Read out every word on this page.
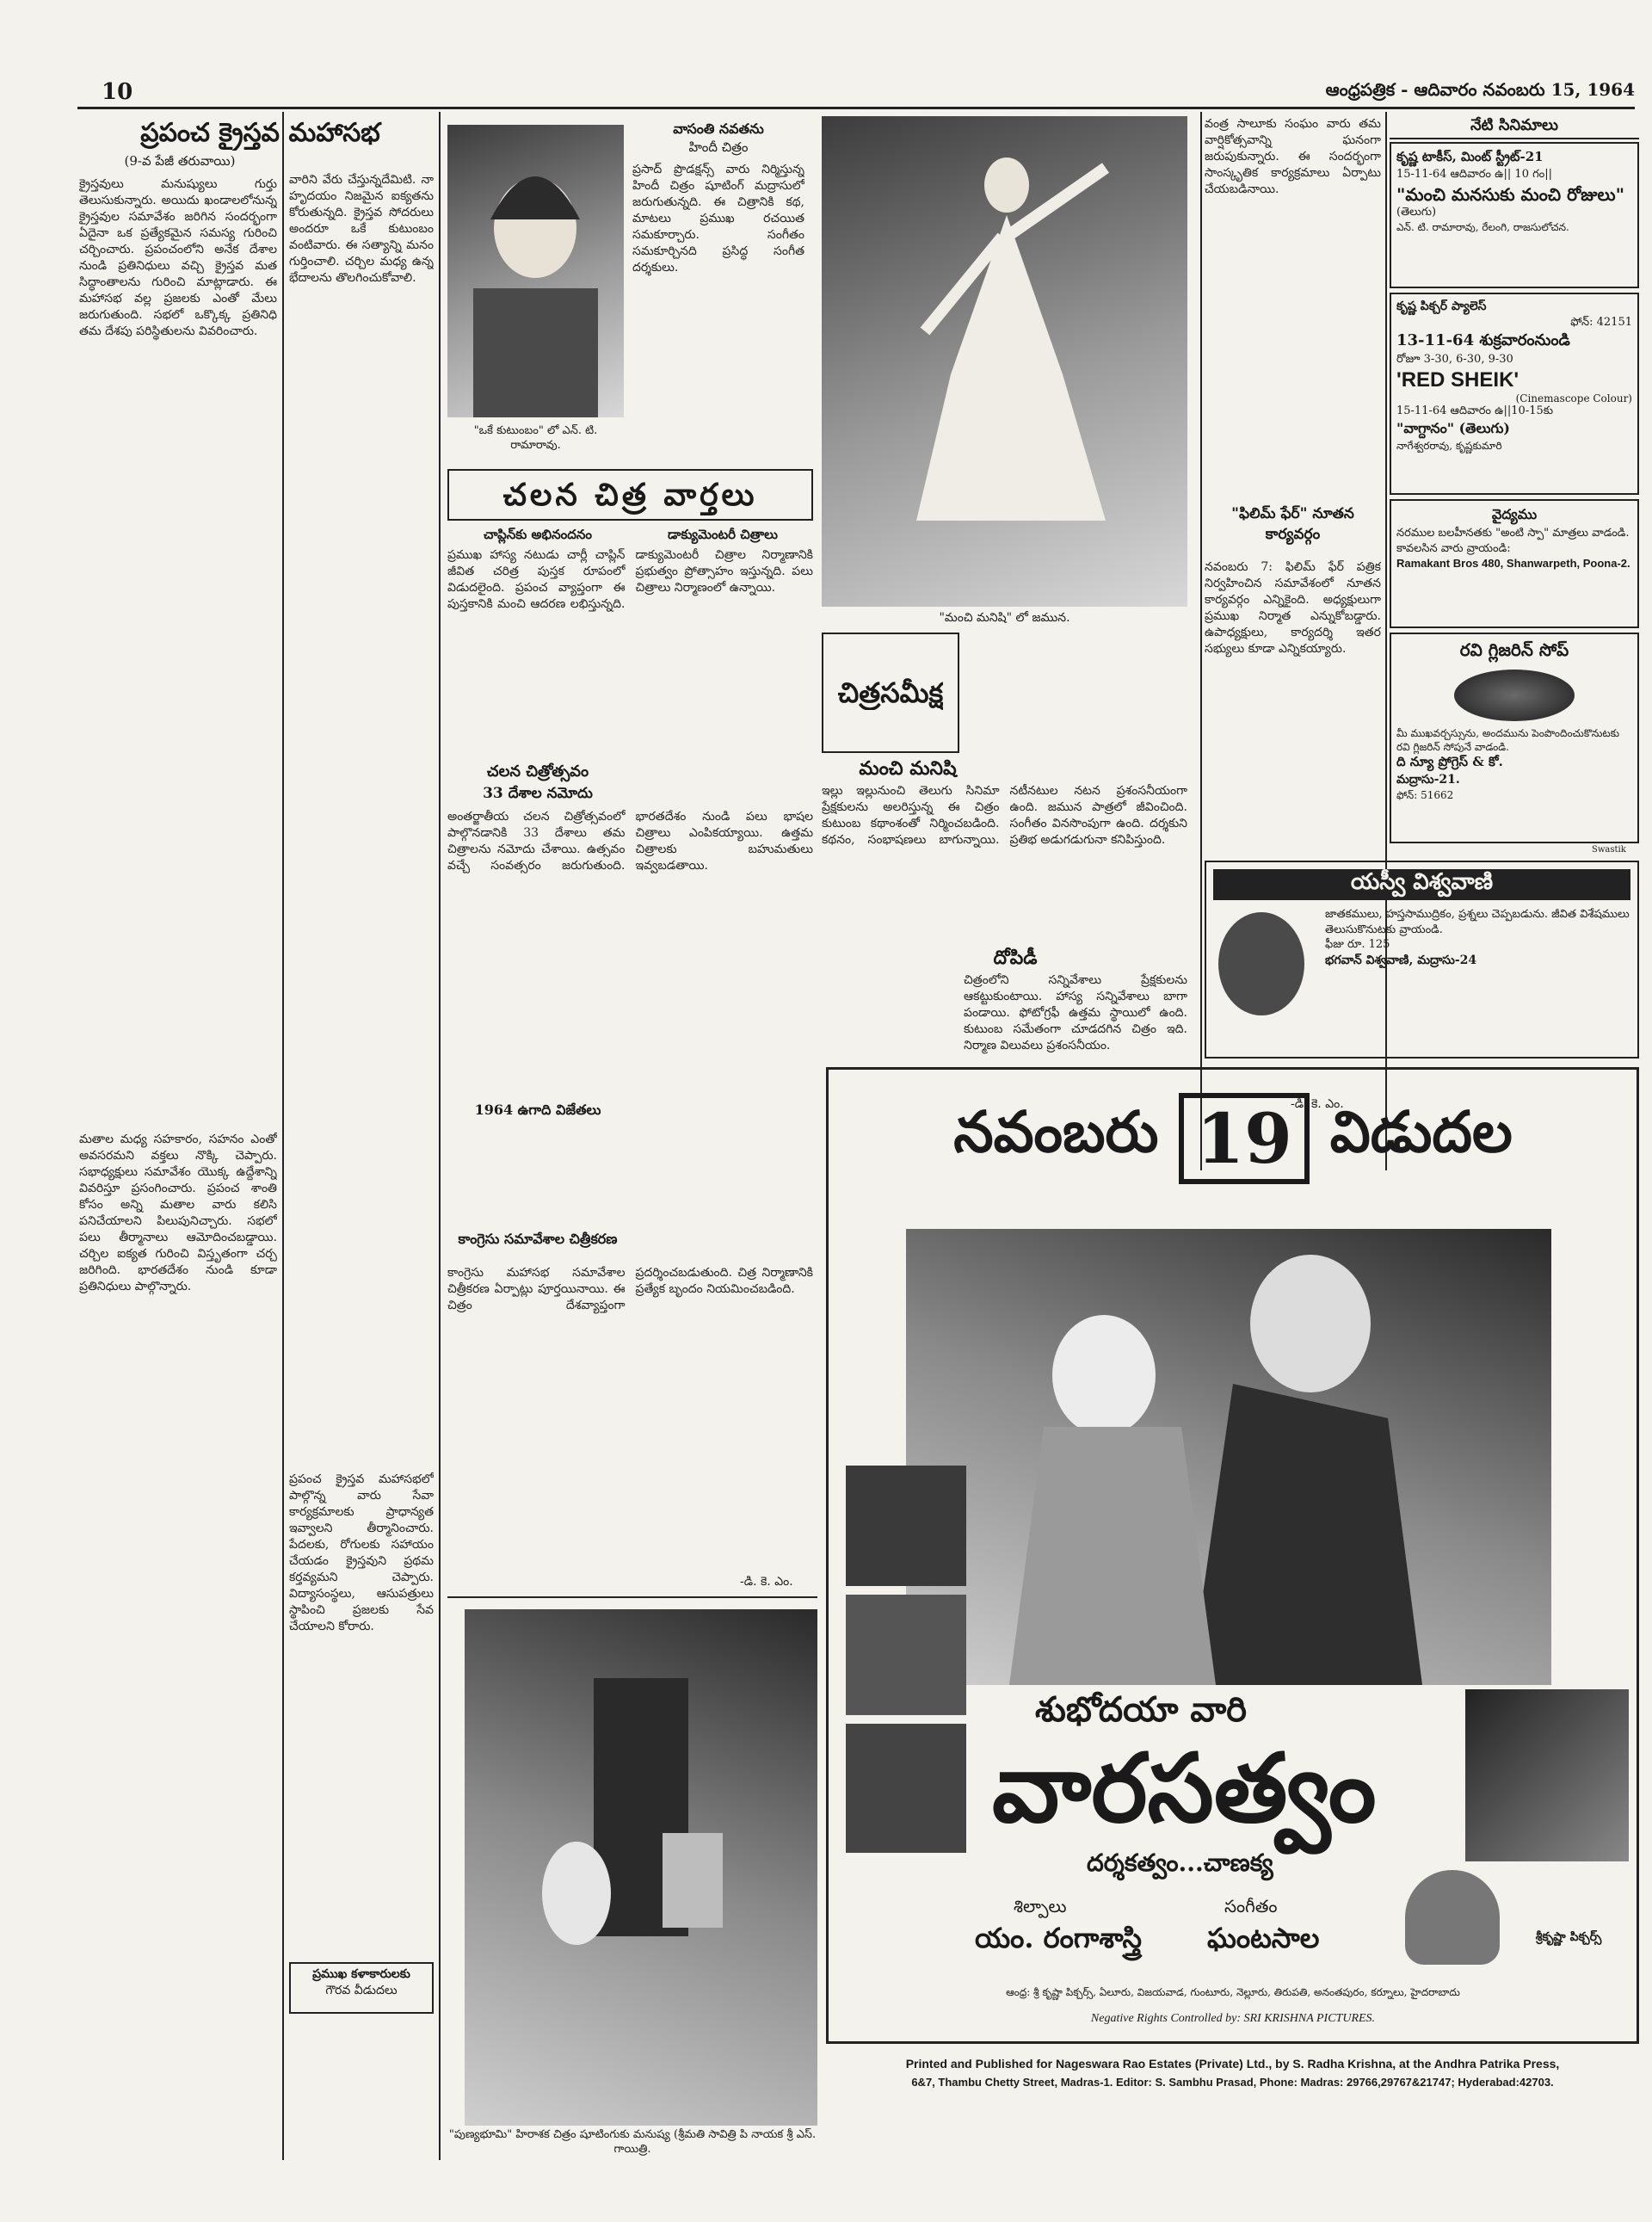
10	ఆంధ్రపత్రిక - ఆదివారం నవంబరు 15, 1964
ప్రపంచ క్రైస్తవ మహాసభ
(9-వ పేజీ తరువాయి)
క్రైస్తవులు మనుష్యులు గుర్తు తెలుసుకున్నారు. అయిదు ఖండాలలోనున్న క్రైస్తవుల సమావేశం జరిగిన సందర్భంగా ఏదైనా ఒక ప్రత్యేకమైన సమస్య గురించి చర్చించారు. ప్రపంచంలోని అనేక దేశాల నుండి ప్రతినిధులు వచ్చి క్రైస్తవ మత సిద్ధాంతాలను గురించి మాట్లాడారు. ఈ మహాసభ వల్ల ప్రజలకు ఎంతో మేలు జరుగుతుంది. సభలో ఒక్కొక్క ప్రతినిధి తమ దేశపు పరిస్థితులను వివరించారు.
మతాల మధ్య సహకారం, సహనం ఎంతో అవసరమని వక్తలు నొక్కి చెప్పారు. సభాధ్యక్షులు సమావేశం యొక్క ఉద్దేశాన్ని వివరిస్తూ ప్రసంగించారు. ప్రపంచ శాంతి కోసం అన్ని మతాల వారు కలిసి పనిచేయాలని పిలుపునిచ్చారు. సభలో పలు తీర్మానాలు ఆమోదించబడ్డాయి. చర్చిల ఐక్యత గురించి విస్తృతంగా చర్చ జరిగింది. భారతదేశం నుండి కూడా ప్రతినిధులు పాల్గొన్నారు.
వారిని వేరు చేస్తున్నదేమిటి. నా హృదయం నిజమైన ఐక్యతను కోరుతున్నది. క్రైస్తవ సోదరులు అందరూ ఒకే కుటుంబం వంటివారు. ఈ సత్యాన్ని మనం గుర్తించాలి. చర్చిల మధ్య ఉన్న భేదాలను తొలగించుకోవాలి.
ప్రపంచ క్రైస్తవ మహాసభలో పాల్గొన్న వారు సేవా కార్యక్రమాలకు ప్రాధాన్యత ఇవ్వాలని తీర్మానించారు. పేదలకు, రోగులకు సహాయం చేయడం క్రైస్తవుని ప్రథమ కర్తవ్యమని చెప్పారు. విద్యాసంస్థలు, ఆసుపత్రులు స్థాపించి ప్రజలకు సేవ చేయాలని కోరారు.
ప్రముఖ కళాకారులకు
గౌరవ వీడుదలు
"ఒకే కుటుంబం" లో ఎన్. టి. రామారావు.
వాసంతి నవతను
హిందీ చిత్రం
ప్రసాద్ ప్రొడక్షన్స్ వారు నిర్మిస్తున్న హిందీ చిత్రం షూటింగ్ మద్రాసులో జరుగుతున్నది. ఈ చిత్రానికి కథ, మాటలు ప్రముఖ రచయిత సమకూర్చారు. సంగీతం సమకూర్చినది ప్రసిద్ధ సంగీత దర్శకులు.
చలన చిత్ర వార్తలు
చాప్లిన్‌కు అభినందనం	డాక్యుమెంటరీ చిత్రాలు
ప్రముఖ హాస్య నటుడు చార్లీ చాప్లిన్ జీవిత చరిత్ర పుస్తక రూపంలో విడుదలైంది. ప్రపంచ వ్యాప్తంగా ఈ పుస్తకానికి మంచి ఆదరణ లభిస్తున్నది. డాక్యుమెంటరీ చిత్రాల నిర్మాణానికి ప్రభుత్వం ప్రోత్సాహం ఇస్తున్నది. పలు చిత్రాలు నిర్మాణంలో ఉన్నాయి.
చలన చిత్రోత్సవం
33 దేశాల నమోదు
అంతర్జాతీయ చలన చిత్రోత్సవంలో పాల్గొనడానికి 33 దేశాలు తమ చిత్రాలను నమోదు చేశాయి. ఉత్సవం వచ్చే సంవత్సరం జరుగుతుంది. భారతదేశం నుండి పలు భాషల చిత్రాలు ఎంపికయ్యాయి. ఉత్తమ చిత్రాలకు బహుమతులు ఇవ్వబడతాయి.
1964 ఉగాది విజేతలు
కాంగ్రెసు సమావేశాల చిత్రీకరణ
కాంగ్రెసు మహాసభ సమావేశాల చిత్రీకరణ ఏర్పాట్లు పూర్తయినాయి. ఈ చిత్రం దేశవ్యాప్తంగా ప్రదర్శించబడుతుంది. చిత్ర నిర్మాణానికి ప్రత్యేక బృందం నియమించబడింది.
-డి. కె. ఎం.
"పుణ్యభూమి" హిరాశక చిత్రం షూటింగుకు మనుష్య (శ్రీమతి సావిత్రి పి నాయక శ్రీ ఎస్. గాయిత్రి.
"మంచి మనిషి" లో జమున.
చిత్రసమీక్ష
మంచి మనిషి
ఇల్లు ఇల్లునుంచి తెలుగు సినిమా ప్రేక్షకులను అలరిస్తున్న ఈ చిత్రం కుటుంబ కథాంశంతో నిర్మించబడింది. కథనం, సంభాషణలు బాగున్నాయి. నటీనటుల నటన ప్రశంసనీయంగా ఉంది. జమున పాత్రలో జీవించింది. సంగీతం వినసొంపుగా ఉంది. దర్శకుని ప్రతిభ అడుగడుగునా కనిపిస్తుంది.
దోపిడీ
చిత్రంలోని సన్నివేశాలు ప్రేక్షకులను ఆకట్టుకుంటాయి. హాస్య సన్నివేశాలు బాగా పండాయి. ఫోటోగ్రఫీ ఉత్తమ స్థాయిలో ఉంది. కుటుంబ సమేతంగా చూడదగిన చిత్రం ఇది. నిర్మాణ విలువలు ప్రశంసనీయం.
వంత్ర సాలూకు సంఘం వారు తమ వార్షికోత్సవాన్ని ఘనంగా జరుపుకున్నారు. ఈ సందర్భంగా సాంస్కృతిక కార్యక్రమాలు ఏర్పాటు చేయబడినాయి.
"ఫిలిమ్ ఫేర్" నూతన కార్యవర్గం
నవంబరు 7: ఫిలిమ్ ఫేర్ పత్రిక నిర్వహించిన సమావేశంలో నూతన కార్యవర్గం ఎన్నికైంది. అధ్యక్షులుగా ప్రముఖ నిర్మాత ఎన్నుకోబడ్డారు. ఉపాధ్యక్షులు, కార్యదర్శి ఇతర సభ్యులు కూడా ఎన్నికయ్యారు.
-డి. కె. ఎం.
నేటి సినిమాలు
కృష్ణ టాకీస్, మింట్ స్ట్రీట్-21
15-11-64 ఆదివారం ఉ|| 10 గం||
"మంచి మనసుకు మంచి రోజులు"
(తెలుగు)
ఎన్. టి. రామారావు, రేలంగి, రాజసులోచన.
కృష్ణ పిక్చర్ ప్యాలెస్
ఫోన్: 42151
13-11-64 శుక్రవారంనుండి
రోజూ 3-30, 6-30, 9-30
'RED SHEIK'
(Cinemascope Colour)
15-11-64 ఆదివారం ఉ||10-15కు
"వాగ్దానం" (తెలుగు)
నాగేశ్వరరావు, కృష్ణకుమారి
వైద్యము
నరముల బలహీనతకు "అంటి స్పా" మాత్రలు వాడండి. కావలసిన వారు వ్రాయండి:
Ramakant Bros 480, Shanwarpeth, Poona-2.
రవి గ్లిజరిన్ సోప్
మీ ముఖవర్చస్సును, అందమును పెంపొందించుకొనుటకు రవి గ్లిజరిన్ సోపునే వాడండి.
ది న్యూ ప్రోగ్రెస్ & కో.
మద్రాసు-21.
ఫోన్: 51662
Swastik
యస్వీ విశ్వవాణి
జాతకములు, హస్తసాముద్రికం, ప్రశ్నలు చెప్పబడును. జీవిత విశేషములు తెలుసుకొనుటకు వ్రాయండి.
ఫీజు రూ. 125
భగవాన్ విశ్వవాణి, మద్రాసు-24
నవంబరు 19 విడుదల
శుభోదయా వారి
వారసత్వం
దర్శకత్వం...చాణక్య
శిల్పాలు
యం. రంగాశాస్త్రి
సంగీతం
ఘంటసాల	శ్రీకృష్ణా పిక్చర్స్
ఆంధ్ర: శ్రీ కృష్ణా పిక్చర్స్, ఏలూరు, విజయవాడ, గుంటూరు, నెల్లూరు, తిరుపతి, అనంతపురం, కర్నూలు, హైదరాబాదు
Negative Rights Controlled by: SRI KRISHNA PICTURES.
Printed and Published for Nageswara Rao Estates (Private) Ltd., by S. Radha Krishna, at the Andhra Patrika Press,
6&7, Thambu Chetty Street, Madras-1. Editor: S. Sambhu Prasad, Phone: Madras: 29766,29767&21747; Hyderabad:42703.
